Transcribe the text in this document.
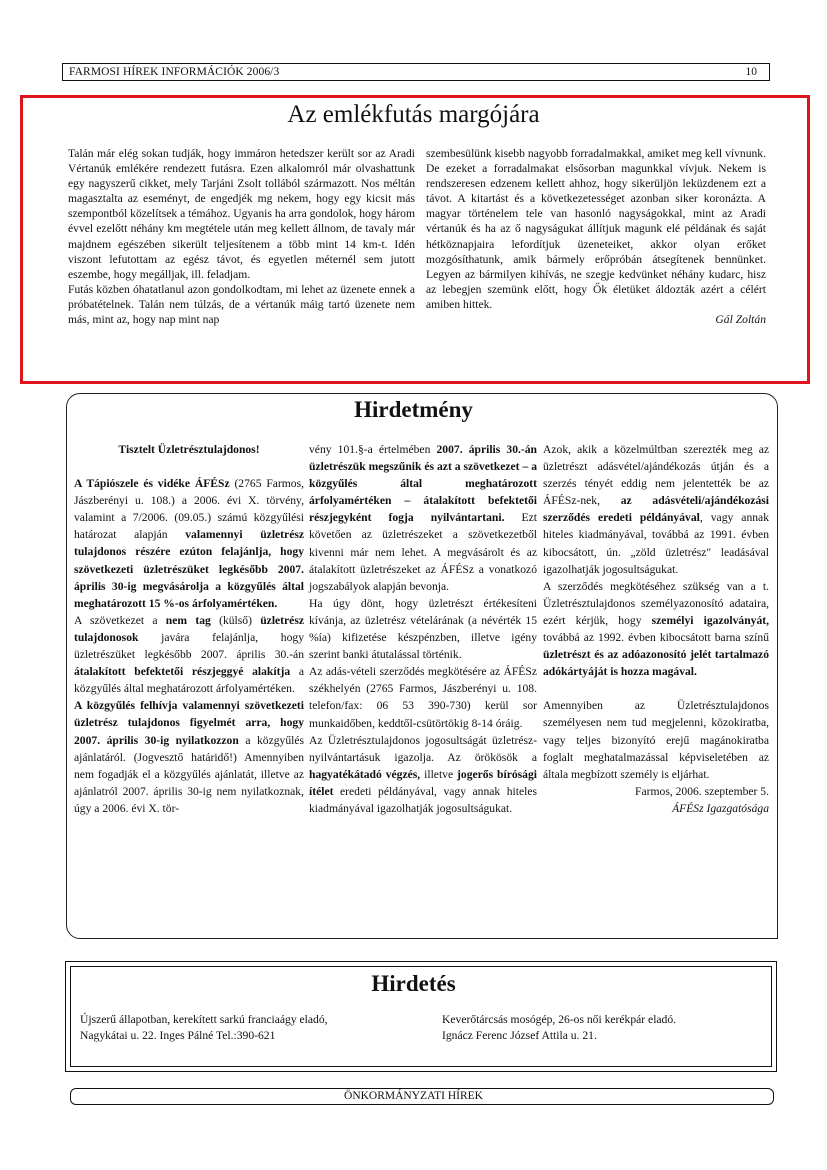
FARMOSI HÍREK INFORMÁCIÓK 2006/3	10
Az emlékfutás margójára

Talán már elég sokan tudják, hogy immáron hetedszer került sor az Aradi Vértanúk emlékére rendezett futásra. Ezen alkalomról már olvashattunk egy nagyszerű cikket, mely Tarjáni Zsolt tollából származott. Nos méltán magasztalta az eseményt, de engedjék mg nekem, hogy egy kicsit más szempontból közelítsek a témához. Ugyanis ha arra gondolok, hogy három évvel ezelőtt néhány km megtétele után meg kellett állnom, de tavaly már majdnem egészében sikerült teljesítenem a több mint 14 km-t. Idén viszont lefutottam az egész távot, és egyetlen méternél sem jutott eszembe, hogy megálljak, ill. feladjam.

Futás közben óhatatlanul azon gondolkodtam, mi lehet az üzenete ennek a próbatételnek. Talán nem túlzás, de a vértanúk máig tartó üzenete nem más, mint az, hogy nap mint nap

szembesülünk kisebb nagyobb forradalmakkal, amiket meg kell vívnunk. De ezeket a forradalmakat elsősorban magunkkal vívjuk. Nekem is rendszeresen edzenem kellett ahhoz, hogy sikerüljön leküzdenem ezt a távot. A kitartást és a következetességet azonban siker koronázta. A magyar történelem tele van hasonló nagyságokkal, mint az Aradi vértanúk és ha az ő nagyságukat állítjuk magunk elé példának és saját hétköznapjaira lefordítjuk üzeneteiket, akkor olyan erőket mozgósíthatunk, amik bármely erőpróbán átsegítenek bennünket. Legyen az bármilyen kihívás, ne szegje kedvünket néhány kudarc, hisz az lebegjen szemünk előtt, hogy Ők életüket áldozták azért a célért amiben hittek.

Gál Zoltán

Hirdetmény

Tisztelt Üzletrésztulajdonos!

A Tápiószele és vidéke ÁFÉSz (2765 Farmos, Jászberényi u. 108.) a 2006. évi X. törvény, valamint a 7/2006. (09.05.) számú közgyűlési határozat alapján valamennyi üzletrész tulajdonos részére ezúton felajánlja, hogy szövetkezeti üzletrészüket legkésőbb 2007. április 30-ig megvásárolja a közgyűlés által meghatározott 15 %-os árfolyamértéken.

A szövetkezet a nem tag (külső) üzletrész tulajdonosok javára felajánlja, hogy üzletrészüket legkésőbb 2007. április 30.-án átalakított befektetői részjeggyé alakítja a közgyűlés által meghatározott árfolyamértéken.

A közgyűlés felhívja valamennyi szövetkezeti üzletrész tulajdonos figyelmét arra, hogy 2007. április 30-ig nyilatkozzon a közgyűlés ajánlatáról. (Jogvesztő határidő!) Amennyiben nem fogadják el a közgyűlés ajánlatát, illetve az ajánlatról 2007. április 30-ig nem nyilatkoznak, úgy a 2006. évi X. tör-

vény 101.§-a értelmében 2007. április 30.-án üzletrészük megszűnik és azt a szövetkezet – a közgyűlés által meghatározott árfolyamértéken – átalakított befektetői részjegyként fogja nyilvántartani. Ezt követően az üzletrészeket a szövetkezetből kivenni már nem lehet. A megvásárolt és az átalakított üzletrészeket az ÁFÉSz a vonatkozó jogszabályok alapján bevonja.

Ha úgy dönt, hogy üzletrészt értékesíteni kívánja, az üzletrész vételárának (a névérték 15 %ía) kifizetése készpénzben, illetve igény szerint banki átutalással történik.

Az adás-vételi szerződés megkötésére az ÁFÉSz székhelyén (2765 Farmos, Jászberényi u. 108. telefon/fax: 06 53 390-730) kerül sor munkaidőben, keddtől-csütörtökig 8-14 óráig.

Az Üzletrésztulajdonos jogosultságát üzletrész-nyilvántartásuk igazolja. Az örökösök a hagyatékátadó végzés, illetve jogerős bírósági ítélet eredeti példányával, vagy annak hiteles kiadmányával igazolhatják jogosultságukat.

Azok, akik a közelmúltban szerezték meg az üzletrészt adásvétel/ajándékozás útján és a szerzés tényét eddig nem jelentették be az ÁFÉSz-nek, az adásvételi/ajándékozási szerződés eredeti példányával, vagy annak hiteles kiadmányával, továbbá az 1991. évben kibocsátott, ún. „zöld üzletrész" leadásával igazolhatják jogosultságukat.

A szerződés megkötéséhez szükség van a t. Üzletrésztulajdonos személyazonosító adataira, ezért kérjük, hogy személyi igazolványát, továbbá az 1992. évben kibocsátott barna színű üzletrészt és az adóazonosító jelét tartalmazó adókártyáját is hozza magával.

Amennyiben az Üzletrésztulajdonos személyesen nem tud megjelenni, közokiratba, vagy teljes bizonyító erejű magánokiratba foglalt meghatalmazással képviseletében az általa megbízott személy is eljárhat.

Farmos, 2006. szeptember 5.

ÁFÉSz Igazgatósága

Hirdetés
Újszerű állapotban, kerekített sarkú franciaágy eladó,
Nagykátai u. 22. Inges Pálné Tel.:390-621
Keverőtárcsás mosógép, 26-os női kerékpár eladó.
Ignácz Ferenc József Attila u. 21.
ÖNKORMÁNYZATI HÍREK
